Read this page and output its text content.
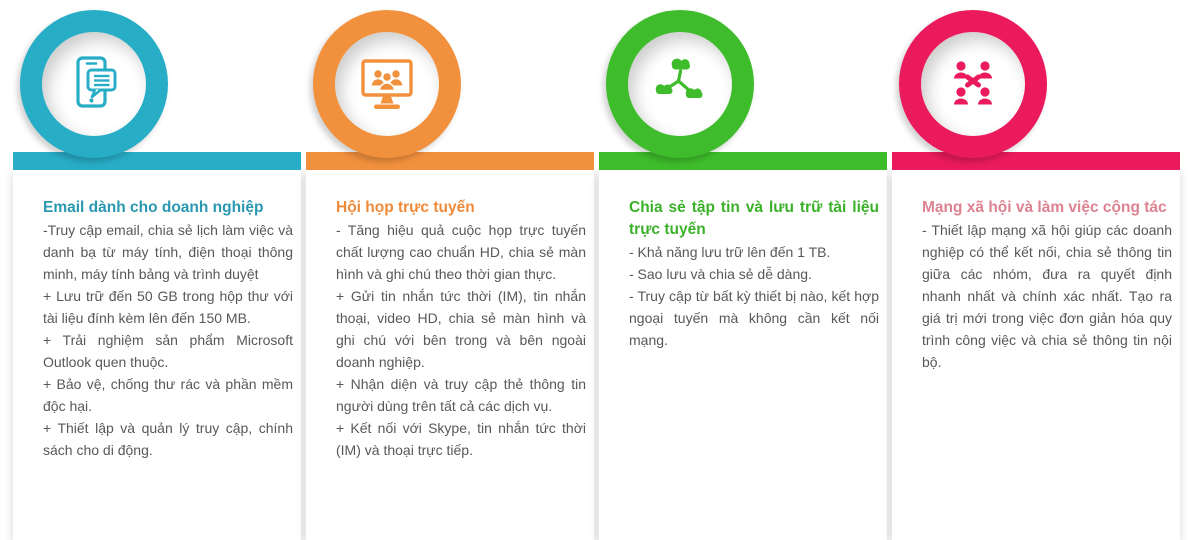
Email dành cho doanh nghiệp

-Truy cập email, chia sẻ lịch làm việc và danh bạ từ máy tính, điện thoại thông minh, máy tính bảng và trình duyệt

+ Lưu trữ đến 50 GB trong hộp thư với tài liệu đính kèm lên đến 150 MB.

+ Trải nghiệm sản phẩm Microsoft Outlook quen thuộc.

+ Bảo vệ, chống thư rác và phần mềm độc hại.

+ Thiết lập và quản lý truy cập, chính sách cho di động.

Hội họp trực tuyến

- Tăng hiệu quả cuộc họp trực tuyến chất lượng cao chuẩn HD, chia sẻ màn hình và ghi chú theo thời gian thực.

+ Gửi tin nhắn tức thời (IM), tin nhắn thoại, video HD, chia sẻ màn hình và ghi chú với bên trong và bên ngoài doanh nghiệp.

+ Nhận diện và truy cập thẻ thông tin người dùng trên tất cả các dịch vụ.

+ Kết nối với Skype, tin nhắn tức thời (IM) và thoại trực tiếp.

Chia sẻ tập tin và lưu trữ tài liệu trực tuyến

- Khả năng lưu trữ lên đến 1 TB.

- Sao lưu và chia sẻ dễ dàng.

- Truy cập từ bất kỳ thiết bị nào, kết hợp ngoại tuyến mà không cần kết nối mạng.

Mạng xã hội và làm việc cộng tác

- Thiết lập mạng xã hội giúp các doanh nghiệp có thể kết nối, chia sẻ thông tin giữa các nhóm, đưa ra quyết định nhanh nhất và chính xác nhất. Tạo ra giá trị mới trong việc đơn giản hóa quy trình công việc và chia sẻ thông tin nội bộ.
